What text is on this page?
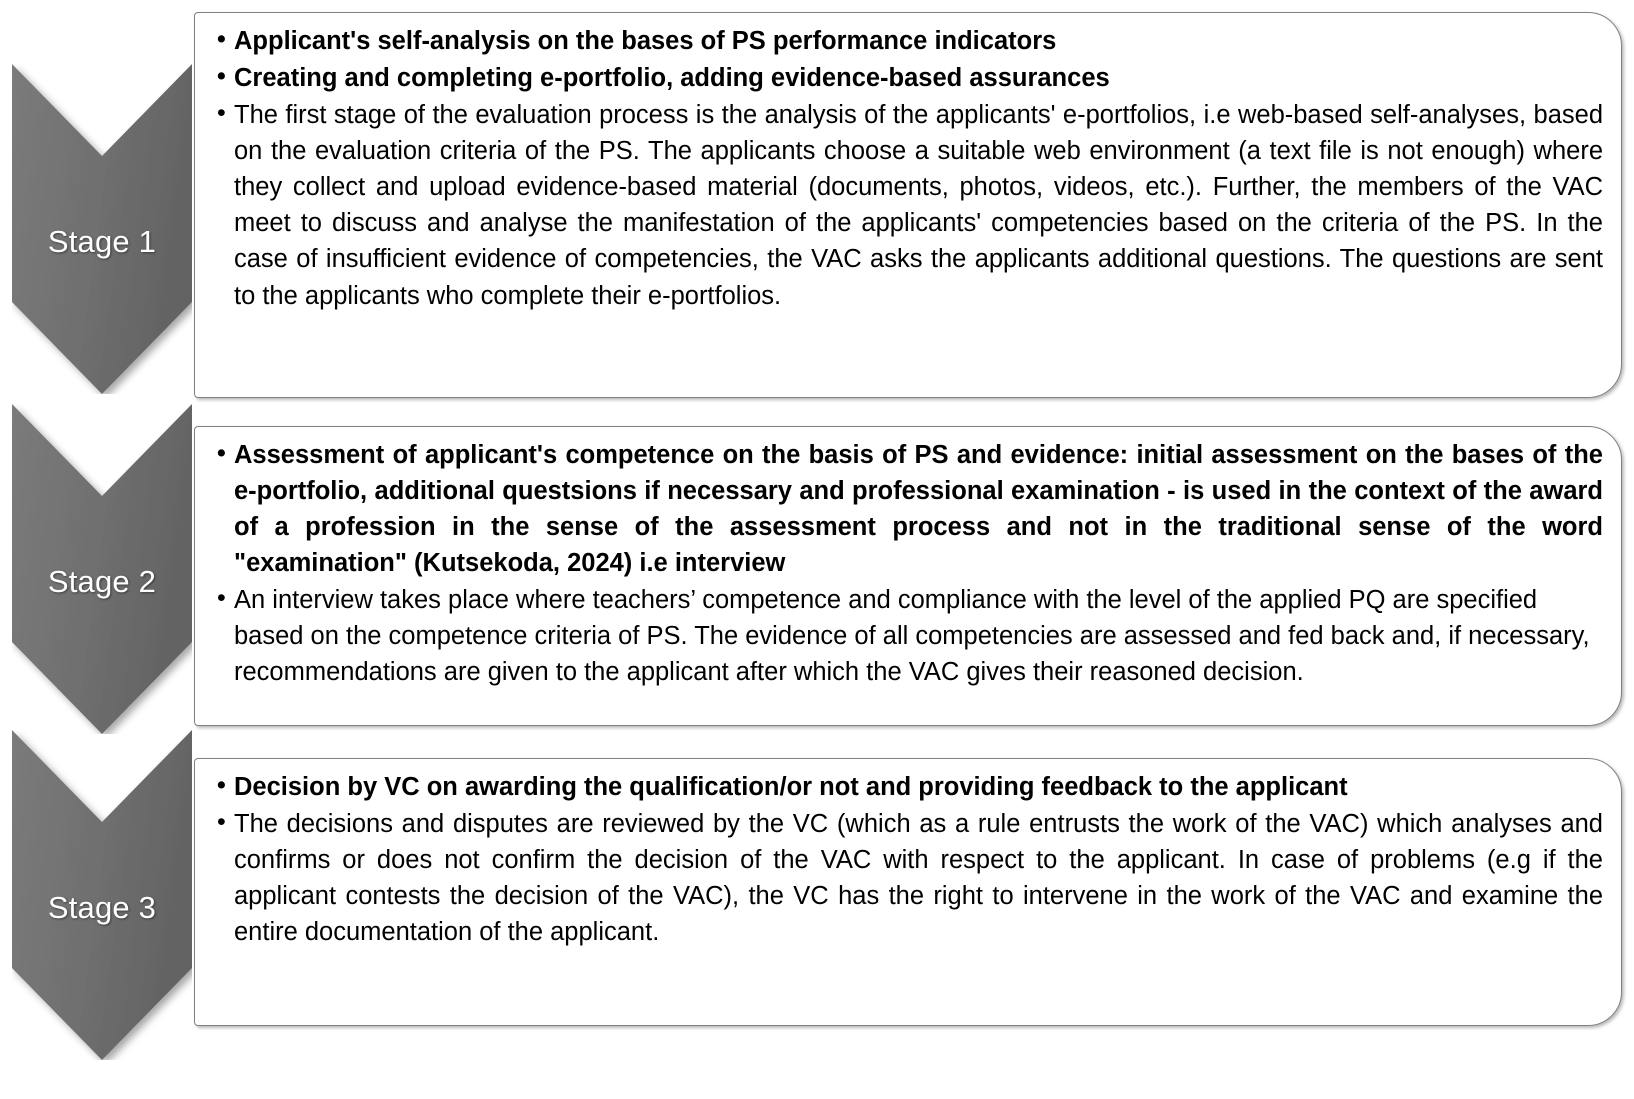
Stage 1
• Applicant's self-analysis on the bases of PS performance indicators
• Creating and completing e-portfolio, adding evidence-based assurances
• The first stage of the evaluation process is the analysis of the applicants' e-portfolios, i.e web-based self-analyses, based on the evaluation criteria of the PS. The applicants choose a suitable web environment (a text file is not enough) where they collect and upload evidence-based material (documents, photos, videos, etc.). Further, the members of the VAC meet to discuss and analyse the manifestation of the applicants' competencies based on the criteria of the PS. In the case of insufficient evidence of competencies, the VAC asks the applicants additional questions. The questions are sent to the applicants who complete their e-portfolios.
Stage 2
• Assessment of applicant's competence on the basis of PS and evidence: initial assessment on the bases of the e-portfolio, additional questsions if necessary and professional examination - is used in the context of the award of a profession in the sense of the assessment process and not in the traditional sense of the word "examination" (Kutsekoda, 2024) i.e interview
• An interview takes place where teachers’ competence and compliance with the level of the applied PQ are specified based on the competence criteria of PS. The evidence of all competencies are assessed and fed back and, if necessary, recommendations are given to the applicant after which the VAC gives their reasoned decision.
Stage 3
• Decision by VC on awarding the qualification/or not and providing feedback to the applicant
• The decisions and disputes are reviewed by the VC (which as a rule entrusts the work of the VAC) which analyses and confirms or does not confirm the decision of the VAC with respect to the applicant. In case of problems (e.g if the applicant contests the decision of the VAC), the VC has the right to intervene in the work of the VAC and examine the entire documentation of the applicant.
